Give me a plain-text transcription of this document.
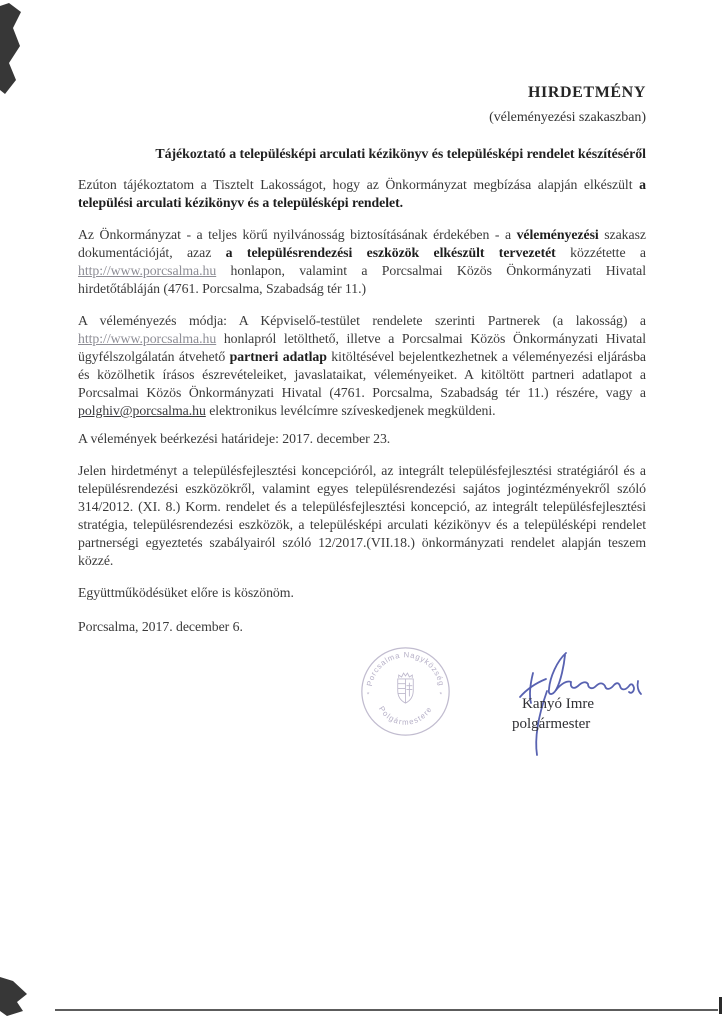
HIRDETMÉNY
(véleményezési szakaszban)
Tájékoztató a településképi arculati kézikönyv és településképi rendelet készítéséről

Ezúton tájékoztatom a Tisztelt Lakosságot, hogy az Önkormányzat megbízása alapján elkészült a települési arculati kézikönyv és a településképi rendelet.

Az Önkormányzat - a teljes körű nyilvánosság biztosításának érdekében - a véleményezési szakasz dokumentációját, azaz a településrendezési eszközök elkészült tervezetét közzétette a http://www.porcsalma.hu honlapon, valamint a Porcsalmai Közös Önkormányzati Hivatal hirdetőtábláján (4761. Porcsalma, Szabadság tér 11.)

A véleményezés módja: A Képviselő-testület rendelete szerinti Partnerek (a lakosság) a http://www.porcsalma.hu honlapról letölthető, illetve a Porcsalmai Közös Önkormányzati Hivatal ügyfélszolgálatán átvehető partneri adatlap kitöltésével bejelentkezhetnek a véleményezési eljárásba és közölhetik írásos észrevételeiket, javaslataikat, véleményeiket. A kitöltött partneri adatlapot a Porcsalmai Közös Önkormányzati Hivatal (4761. Porcsalma, Szabadság tér 11.) részére, vagy a polghiv@porcsalma.hu elektronikus levélcímre szíveskedjenek megküldeni.

A vélemények beérkezési határideje: 2017. december 23.

Jelen hirdetményt a településfejlesztési koncepcióról, az integrált településfejlesztési stratégiáról és a településrendezési eszközökről, valamint egyes településrendezési sajátos jogintézményekről szóló 314/2012. (XI. 8.) Korm. rendelet és a településfejlesztési koncepció, az integrált településfejlesztési stratégia, településrendezési eszközök, a településképi arculati kézikönyv és a településképi rendelet partnerségi egyeztetés szabályairól szóló 12/2017.(VII.18.) önkormányzati rendelet alapján teszem közzé.

Együttműködésüket előre is köszönöm.

Porcsalma, 2017. december 6.

Porcsalma Nagyközség
Polgármestere
*	*
Kanyó Imre
polgármester
